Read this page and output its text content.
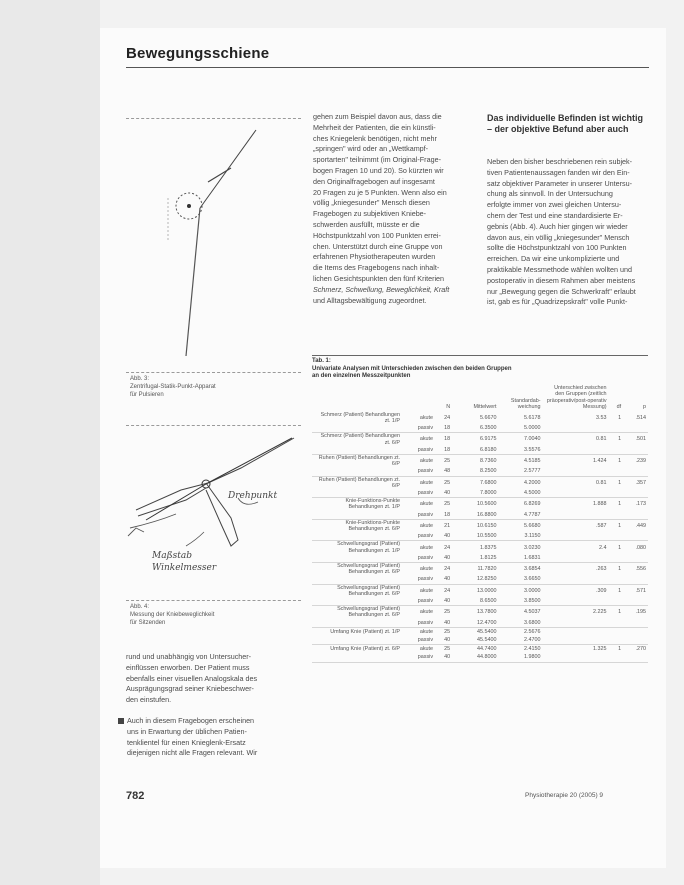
Bewegungsschiene
Abb. 3:
Zentrifugal-Statik-Punkt-Apparat
für Pulsieren
Drehpunkt
Maßstab
Winkelmesser
Abb. 4:
Messung der Kniebeweglichkeit
für Sitzenden

gehen zum Beispiel davon aus, dass die

Mehrheit der Patienten, die ein künstli-

ches Kniegelenk benötigen, nicht mehr

„springen" wird oder an „Wettkampf-

sportarten" teilnimmt (im Original-Frage-

bogen Fragen 10 und 20). So kürzten wir

den Originalfragebogen auf insgesamt

20 Fragen zu je 5 Punkten. Wenn also ein

völlig „kniegesunder" Mensch diesen

Fragebogen zu subjektiven Kniebe-

schwerden ausfüllt, müsste er die

Höchstpunktzahl von 100 Punkten errei-

chen. Unterstützt durch eine Gruppe von

erfahrenen Physiotherapeuten wurden

die Items des Fragebogens nach inhalt-

lichen Gesichtspunkten den fünf Kriterien

Schmerz, Schwellung, Beweglichkeit, Kraft

und Alltagsbewältigung zugeordnet.

Das individuelle Befinden ist wichtig – der objektive Befund aber auch

Neben den bisher beschriebenen rein subjek-

tiven Patientenaussagen fanden wir den Ein-

satz objektiver Parameter in unserer Untersu-

chung als sinnvoll. In der Untersuchung

erfolgte immer von zwei gleichen Untersu-

chern der Test und eine standardisierte Er-

gebnis (Abb. 4). Auch hier gingen wir wieder

davon aus, ein völlig „kniegesunder" Mensch

sollte die Höchstpunktzahl von 100 Punkten

erreichen. Da wir eine unkomplizierte und

praktikable Messmethode wählen wollten und

postoperativ in diesem Rahmen aber meistens

nur „Bewegung gegen die Schwerkraft" erlaubt

ist, gab es für „Quadrizepskraft" volle Punkt-

rund und unabhängig von Untersucher-

einflüssen erworben. Der Patient muss

ebenfalls einer visuellen Analogskala des

Ausprägungsgrad seiner Kniebeschwer-

den einstufen.

Auch in diesem Fragebogen erscheinen

uns in Erwartung der üblichen Patien-

tenklientel für einen Knieglenk-Ersatz

diejenigen nicht alle Fragen relevant. Wir

Tab. 1:
Univariate Analysen mit Unterschieden zwischen den beiden Gruppen
an den einzelnen Messzeitpunkten
		N	Mittelwert	Standardab-weichung	Unterschied zwischen den Gruppen (zeitlich präoperativ/post-operativ Messung)	df	p
Schmerz (Patient) Behandlungen zt. 1/P	akute	24	5.6670	5.6178	3.53	1	.514
	passiv	18	6.3500	5.0000			
Schmerz (Patient) Behandlungen zt. 6/P	akute	18	6.9175	7.0040	0.81	1	.501
	passiv	18	6.8180	3.5576			
Ruhen (Patient) Behandlungen zt. 6/P	akute	25	8.7360	4.5185	1.424	1	.239
	passiv	48	8.2500	2.5777			
Ruhen (Patient) Behandlungen zt. 6/P	akute	25	7.6800	4.2000	0.81	1	.357
	passiv	40	7.8000	4.5000			
Knie-Funktions-Punkte Behandlungen zt. 1/P	akute	25	10.5600	6.8269	1.888	1	.173
	passiv	18	16.8800	4.7787			
Knie-Funktions-Punkte Behandlungen zt. 6/P	akute	21	10.6150	5.6680	.587	1	.449
	passiv	40	10.5500	3.1150			
Schwellungsgrad (Patient) Behandlungen zt. 1/P	akute	24	1.8375	3.0230	2.4	1	.080
	passiv	40	1.8125	1.6831			
Schwellungsgrad (Patient) Behandlungen zt. 6/P	akute	24	11.7820	3.6854	.263	1	.556
	passiv	40	12.8250	3.6650			
Schwellungsgrad (Patient) Behandlungen zt. 6/P	akute	24	13.0000	3.0000	.309	1	.571
	passiv	40	8.6500	3.8500			
Schwellungsgrad (Patient) Behandlungen zt. 6/P	akute	25	13.7800	4.5037	2.225	1	.195
	passiv	40	12.4700	3.6800			
Umfang Knie (Patient) zt. 1/P	akute	25	45.5400	2.5676			
	passiv	40	45.5400	2.4700			
Umfang Knie (Patient) zt. 6/P	akute	25	44.7400	2.4150	1.325	1	.270
	passiv	40	44.8000	1.9800			
782	Physiotherapie 20 (2005) 9
